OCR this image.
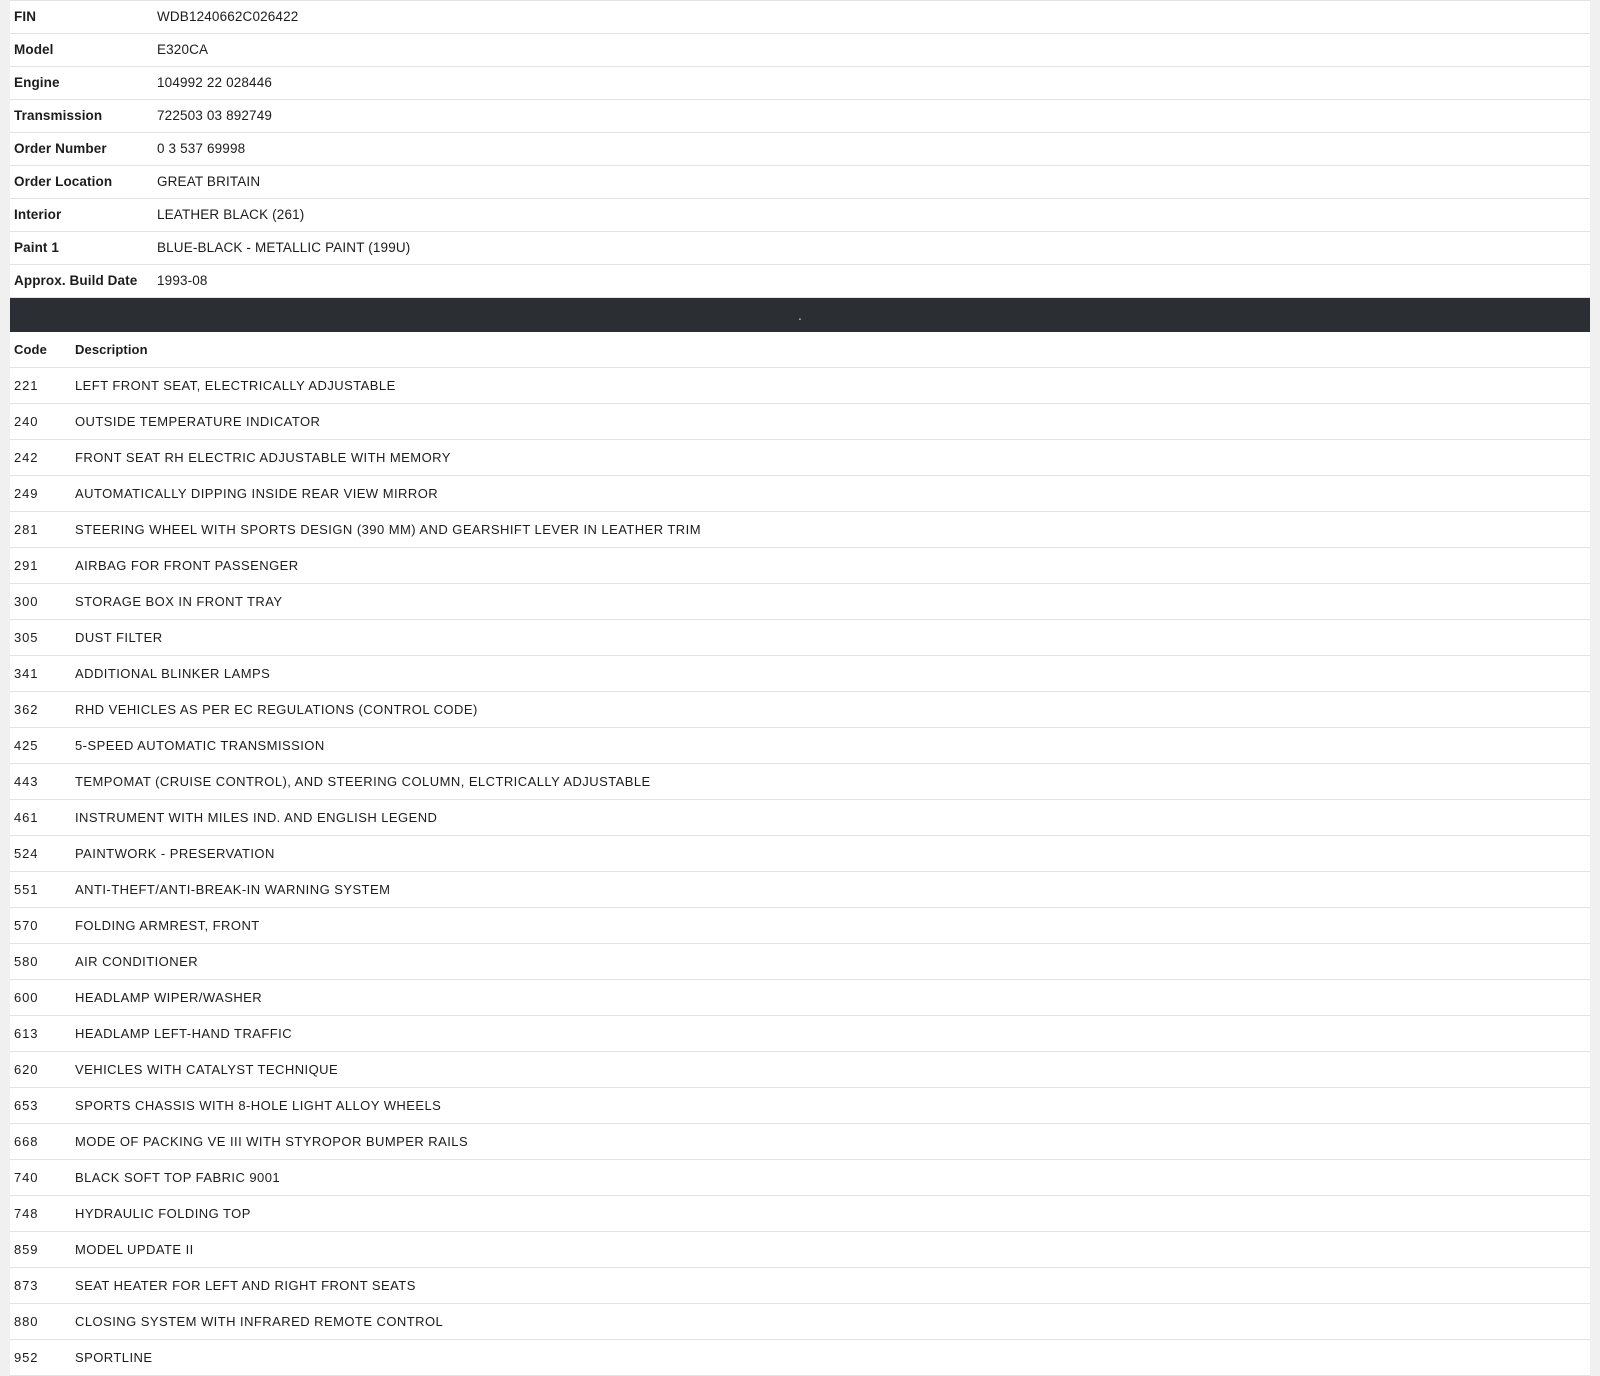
FIN	WDB1240662C026422
Model	E320CA
Engine	104992 22 028446
Transmission	722503 03 892749
Order Number	0 3 537 69998
Order Location	GREAT BRITAIN
Interior	LEATHER BLACK (261)
Paint 1	BLUE-BLACK - METALLIC PAINT (199U)
Approx. Build Date	1993-08
.
Code	Description
221	LEFT FRONT SEAT, ELECTRICALLY ADJUSTABLE
240	OUTSIDE TEMPERATURE INDICATOR
242	FRONT SEAT RH ELECTRIC ADJUSTABLE WITH MEMORY
249	AUTOMATICALLY DIPPING INSIDE REAR VIEW MIRROR
281	STEERING WHEEL WITH SPORTS DESIGN (390 MM) AND GEARSHIFT LEVER IN LEATHER TRIM
291	AIRBAG FOR FRONT PASSENGER
300	STORAGE BOX IN FRONT TRAY
305	DUST FILTER
341	ADDITIONAL BLINKER LAMPS
362	RHD VEHICLES AS PER EC REGULATIONS (CONTROL CODE)
425	5-SPEED AUTOMATIC TRANSMISSION
443	TEMPOMAT (CRUISE CONTROL), AND STEERING COLUMN, ELCTRICALLY ADJUSTABLE
461	INSTRUMENT WITH MILES IND. AND ENGLISH LEGEND
524	PAINTWORK - PRESERVATION
551	ANTI-THEFT/ANTI-BREAK-IN WARNING SYSTEM
570	FOLDING ARMREST, FRONT
580	AIR CONDITIONER
600	HEADLAMP WIPER/WASHER
613	HEADLAMP LEFT-HAND TRAFFIC
620	VEHICLES WITH CATALYST TECHNIQUE
653	SPORTS CHASSIS WITH 8-HOLE LIGHT ALLOY WHEELS
668	MODE OF PACKING VE III WITH STYROPOR BUMPER RAILS
740	BLACK SOFT TOP FABRIC 9001
748	HYDRAULIC FOLDING TOP
859	MODEL UPDATE II
873	SEAT HEATER FOR LEFT AND RIGHT FRONT SEATS
880	CLOSING SYSTEM WITH INFRARED REMOTE CONTROL
952	SPORTLINE
